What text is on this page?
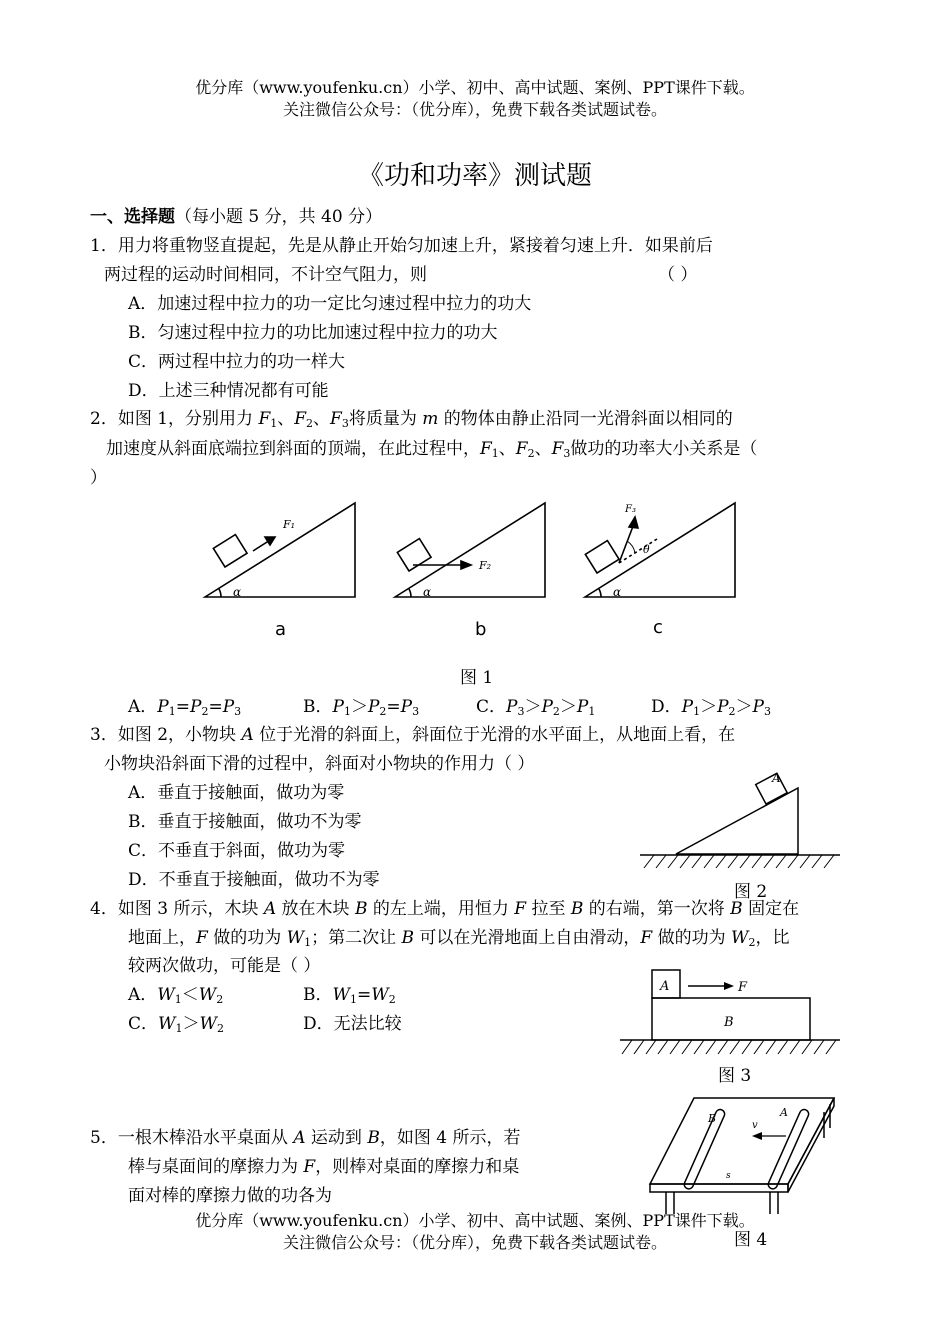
优分库（www.youfenku.cn）小学、初中、高中试题、案例、PPT课件下载。
关注微信公众号：（优分库），免费下载各类试题试卷。
《功和功率》测试题
一、选择题（每小题 5 分，共 40 分）
1．用力将重物竖直提起，先是从静止开始匀加速上升，紧接着匀速上升．如果前后
两过程的运动时间相同，不计空气阻力，则	（ ）
A．加速过程中拉力的功一定比匀速过程中拉力的功大
B．匀速过程中拉力的功比加速过程中拉力的功大
C．两过程中拉力的功一样大
D．上述三种情况都有可能
2．如图 1，分别用力 $F_1$、$F_2$、$F_3$将质量为 m 的物体由静止沿同一光滑斜面以相同的
加速度从斜面底端拉到斜面的顶端，在此过程中，$F_1$、$F_2$、$F_3$做功的功率大小关系是（
）
F₁
α
F₂
α
F₃
θ
α
a	b	c
图 1
A．$P_1=P_2=P_3$	B．$P_1>P_2=P_3$	C．$P_3>P_2>P_1$	D．$P_1>P_2>P_3$
3．如图 2，小物块 A 位于光滑的斜面上，斜面位于光滑的水平面上，从地面上看，在
小物块沿斜面下滑的过程中，斜面对小物块的作用力（ ）
A．垂直于接触面，做功为零
B．垂直于接触面，做功不为零
C．不垂直于斜面，做功为零
D．不垂直于接触面，做功不为零
A
图 2
4．如图 3 所示，木块 A 放在木块 B 的左上端，用恒力 F 拉至 B 的右端，第一次将 B 固定在
地面上，F 做的功为 $W_1$；第二次让 B 可以在光滑地面上自由滑动，F 做的功为 $W_2$，比
较两次做功，可能是（ ）
A．$W_1<W_2$	B．$W_1=W_2$
C．$W_1>W_2$	D．无法比较
A	F
B
图 3
B	A
v
s
5．一根木棒沿水平桌面从 A 运动到 B，如图 4 所示，若
棒与桌面间的摩擦力为 F，则棒对桌面的摩擦力和桌
面对棒的摩擦力做的功各为
优分库（www.youfenku.cn）小学、初中、高中试题、案例、PPT课件下载。
关注微信公众号：（优分库），免费下载各类试题试卷。	图 4
